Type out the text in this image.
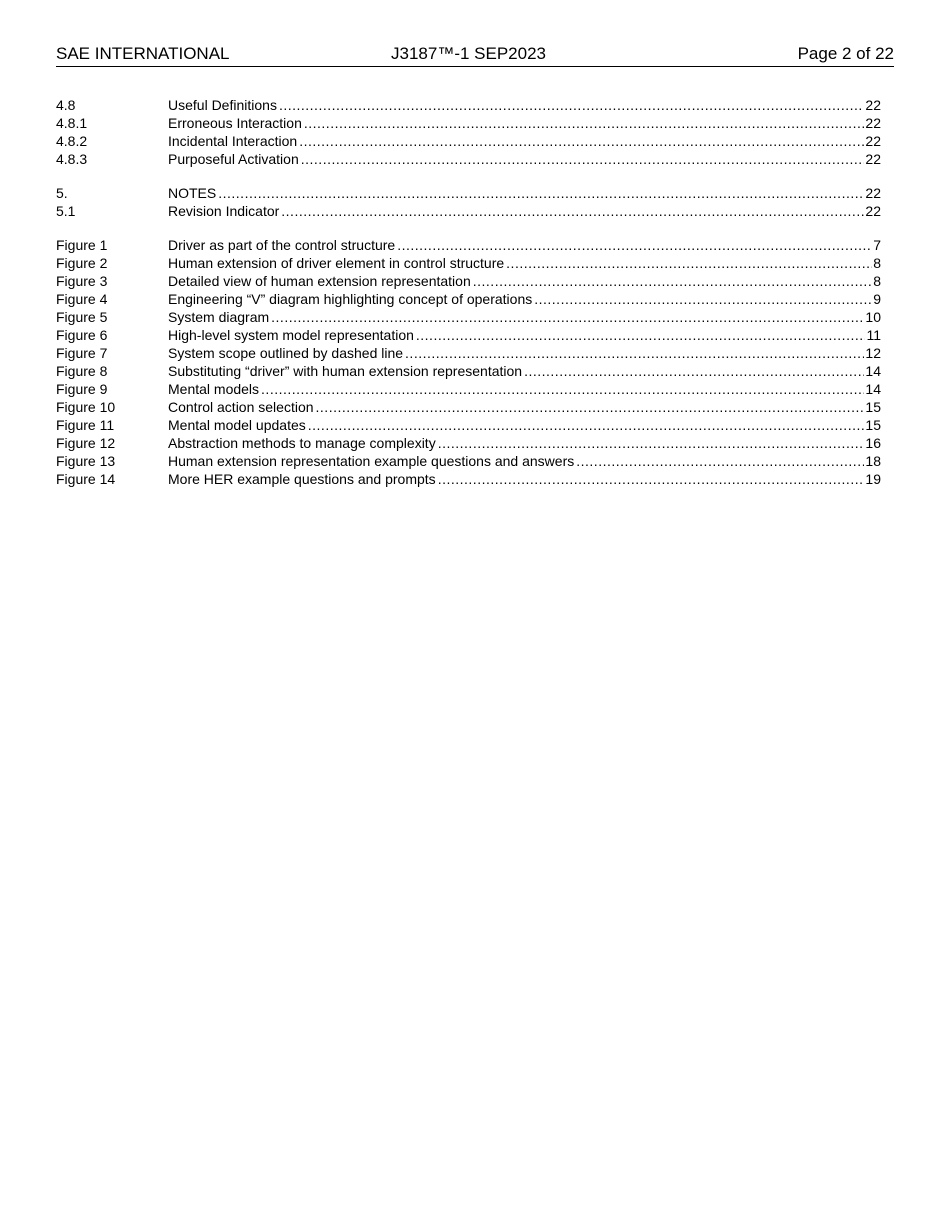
SAE INTERNATIONAL	J3187™-1 SEP2023	Page 2 of 22
4.8	Useful Definitions .....	22
4.8.1	Erroneous Interaction .....	22
4.8.2	Incidental Interaction .....	22
4.8.3	Purposeful Activation .....	22
5.	NOTES .....	22
5.1	Revision Indicator .....	22
Figure 1	Driver as part of the control structure .....	7
Figure 2	Human extension of driver element in control structure .....	8
Figure 3	Detailed view of human extension representation .....	8
Figure 4	Engineering “V” diagram highlighting concept of operations .....	9
Figure 5	System diagram .....	10
Figure 6	High-level system model representation .....	11
Figure 7	System scope outlined by dashed line .....	12
Figure 8	Substituting “driver” with human extension representation .....	14
Figure 9	Mental models .....	14
Figure 10	Control action selection .....	15
Figure 11	Mental model updates .....	15
Figure 12	Abstraction methods to manage complexity .....	16
Figure 13	Human extension representation example questions and answers .....	18
Figure 14	More HER example questions and prompts .....	19
